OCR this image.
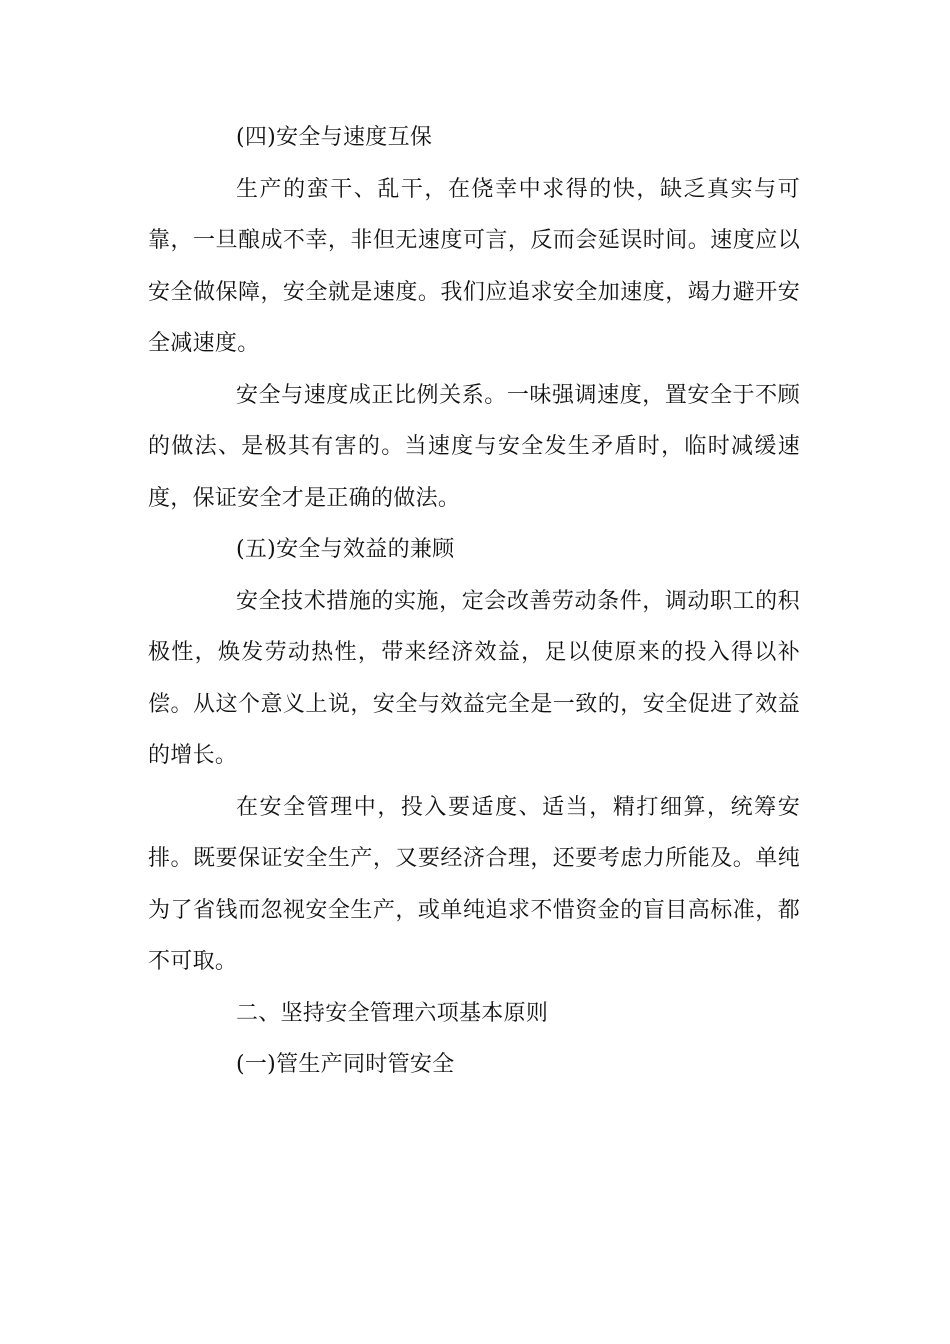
(四)安全与速度互保

生产的蛮干、乱干，在侥幸中求得的快，缺乏真实与可靠，一旦酿成不幸，非但无速度可言，反而会延误时间。速度应以安全做保障，安全就是速度。我们应追求安全加速度，竭力避开安全减速度。

安全与速度成正比例关系。一味强调速度，置安全于不顾的做法、是极其有害的。当速度与安全发生矛盾时，临时减缓速度，保证安全才是正确的做法。

(五)安全与效益的兼顾

安全技术措施的实施，定会改善劳动条件，调动职工的积极性，焕发劳动热性，带来经济效益，足以使原来的投入得以补偿。从这个意义上说，安全与效益完全是一致的，安全促进了效益的增长。

在安全管理中，投入要适度、适当，精打细算，统筹安排。既要保证安全生产，又要经济合理，还要考虑力所能及。单纯为了省钱而忽视安全生产，或单纯追求不惜资金的盲目高标准，都不可取。

二、坚持安全管理六项基本原则

(一)管生产同时管安全
